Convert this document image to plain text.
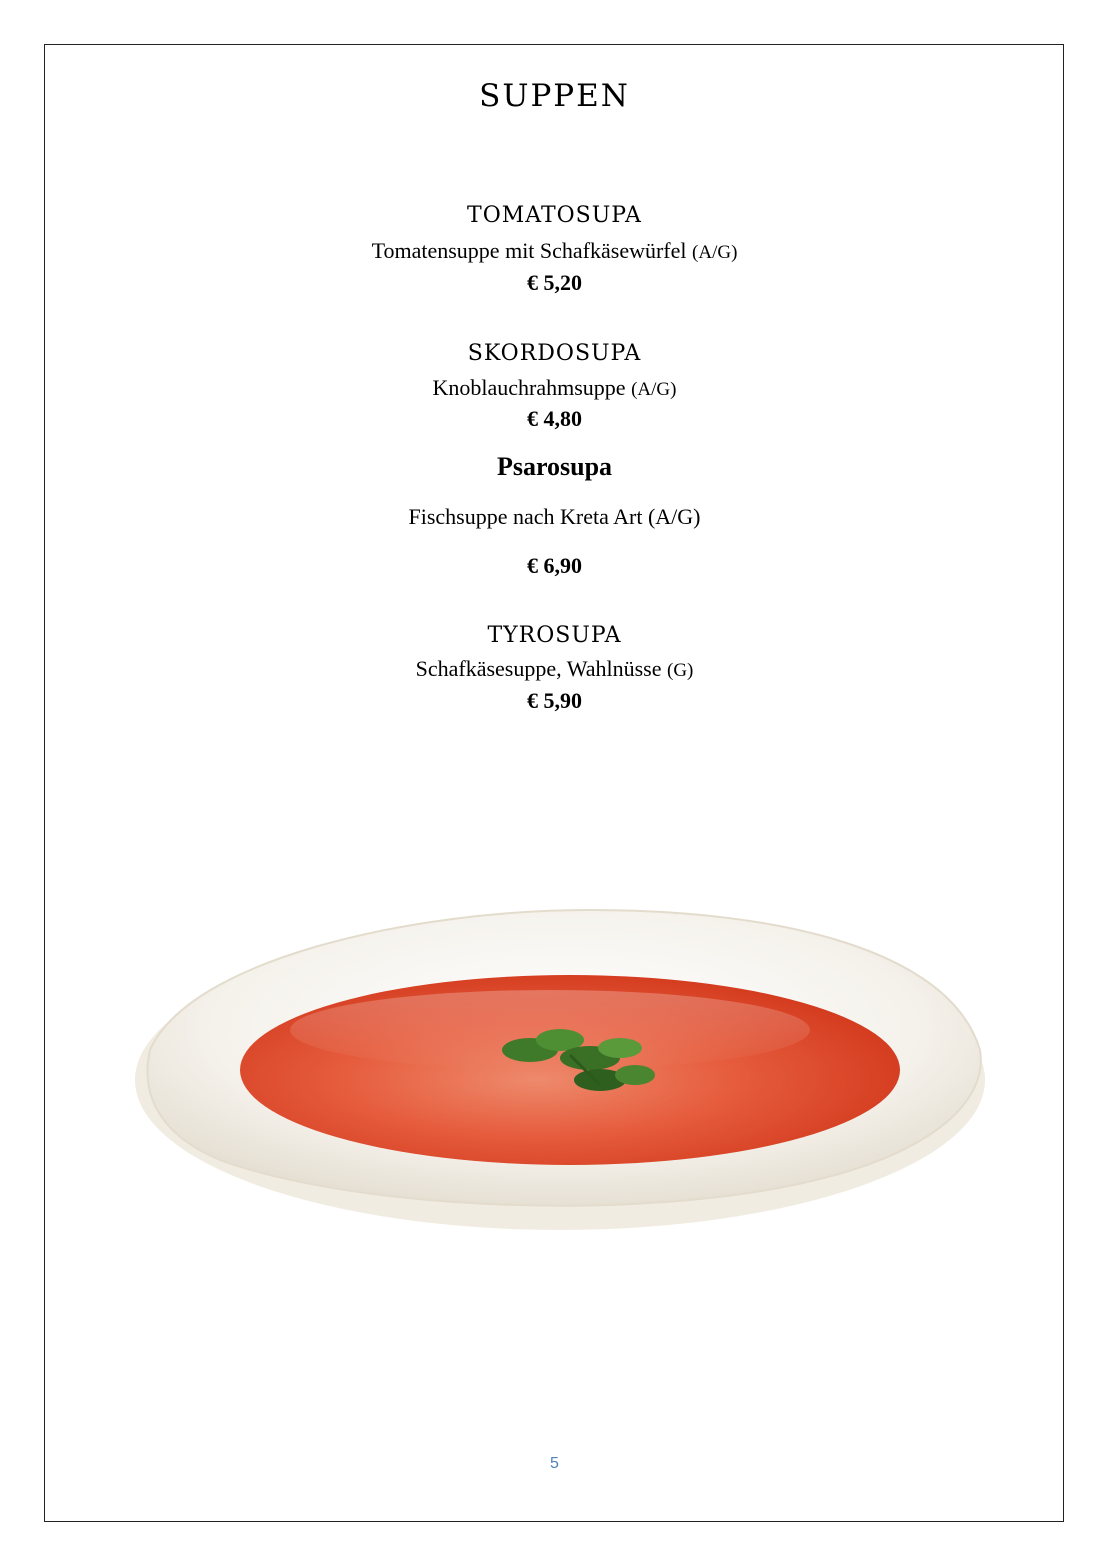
suppen
tomatosupa
Tomatensuppe mit Schafkäsewürfel (A/G)
€ 5,20
skordosupa
Knoblauchrahmsuppe (A/G)
€ 4,80
Psarosupa
Fischsuppe nach Kreta Art (A/G)
€ 6,90
tyrosupa
Schafkäsesuppe, Wahlnüsse (G)
€ 5,90
5
